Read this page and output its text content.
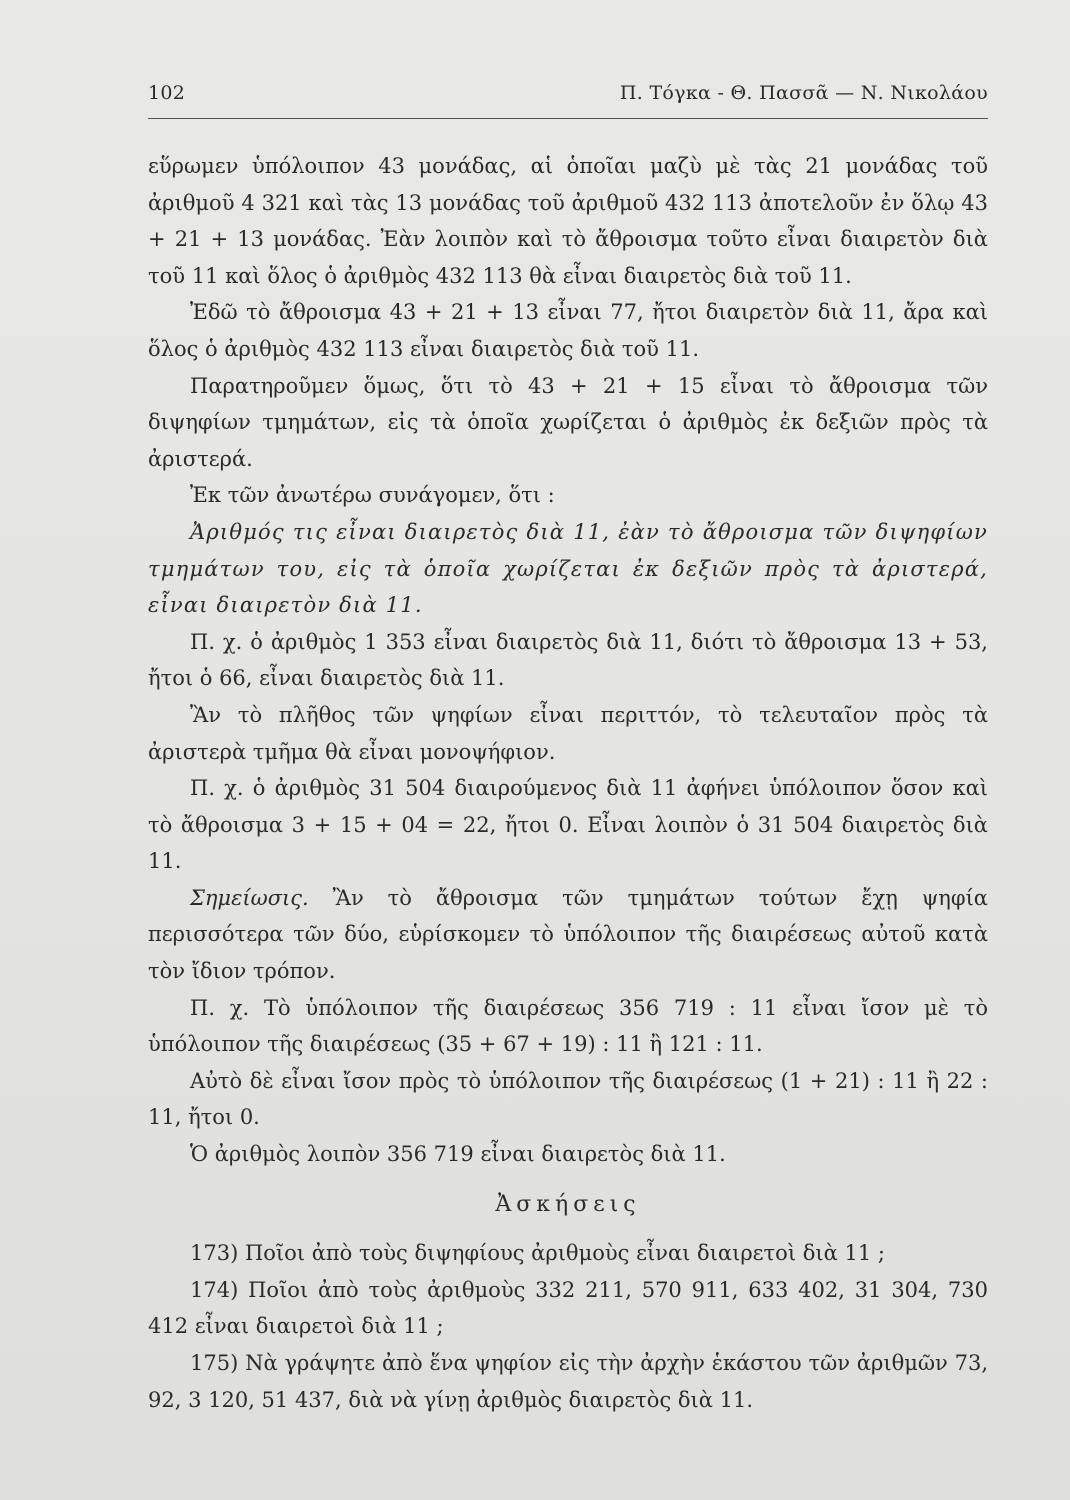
102	Π. Τόγκα - Θ. Πασσᾶ — Ν. Νικολάου

εὕρωμεν ὑπόλοιπον 43 μονάδας, αἱ ὁποῖαι μαζὺ μὲ τὰς 21 μονάδας τοῦ ἀριθμοῦ 4 321 καὶ τὰς 13 μονάδας τοῦ ἀριθμοῦ 432 113 ἀποτελοῦν ἐν ὅλῳ 43 + 21 + 13 μονάδας. Ἐὰν λοιπὸν καὶ τὸ ἄθροισμα τοῦτο εἶναι διαιρετὸν διὰ τοῦ 11 καὶ ὅλος ὁ ἀριθμὸς 432 113 θὰ εἶναι διαιρετὸς διὰ τοῦ 11.

Ἐδῶ τὸ ἄθροισμα 43 + 21 + 13 εἶναι 77, ἤτοι διαιρετὸν διὰ 11, ἄρα καὶ ὅλος ὁ ἀριθμὸς 432 113 εἶναι διαιρετὸς διὰ τοῦ 11.

Παρατηροῦμεν ὅμως, ὅτι τὸ 43 + 21 + 15 εἶναι τὸ ἄθροισμα τῶν διψηφίων τμημάτων, εἰς τὰ ὁποῖα χωρίζεται ὁ ἀριθμὸς ἐκ δεξιῶν πρὸς τὰ ἀριστερά.

Ἐκ τῶν ἀνωτέρω συνάγομεν, ὅτι :

Ἀριθμός τις εἶναι διαιρετὸς διὰ 11, ἐὰν τὸ ἄθροισμα τῶν διψηφίων τμημάτων του, εἰς τὰ ὁποῖα χωρίζεται ἐκ δεξιῶν πρὸς τὰ ἀριστερά, εἶναι διαιρετὸν διὰ 11.

Π. χ. ὁ ἀριθμὸς 1 353 εἶναι διαιρετὸς διὰ 11, διότι τὸ ἄθροισμα 13 + 53, ἤτοι ὁ 66, εἶναι διαιρετὸς διὰ 11.

Ἂν τὸ πλῆθος τῶν ψηφίων εἶναι περιττόν, τὸ τελευταῖον πρὸς τὰ ἀριστερὰ τμῆμα θὰ εἶναι μονοψήφιον.

Π. χ. ὁ ἀριθμὸς 31 504 διαιρούμενος διὰ 11 ἀφήνει ὑπόλοιπον ὅσον καὶ τὸ ἄθροισμα 3 + 15 + 04 = 22, ἤτοι 0. Εἶναι λοιπὸν ὁ 31 504 διαιρετὸς διὰ 11.

Σημείωσις. Ἂν τὸ ἄθροισμα τῶν τμημάτων τούτων ἔχῃ ψηφία περισσότερα τῶν δύο, εὑρίσκομεν τὸ ὑπόλοιπον τῆς διαιρέσεως αὐτοῦ κατὰ τὸν ἴδιον τρόπον.

Π. χ. Τὸ ὑπόλοιπον τῆς διαιρέσεως 356 719 : 11 εἶναι ἴσον μὲ τὸ ὑπόλοιπον τῆς διαιρέσεως (35 + 67 + 19) : 11 ἢ 121 : 11.

Αὐτὸ δὲ εἶναι ἴσον πρὸς τὸ ὑπόλοιπον τῆς διαιρέσεως (1 + 21) : 11 ἢ 22 : 11, ἤτοι 0.

Ὁ ἀριθμὸς λοιπὸν 356 719 εἶναι διαιρετὸς διὰ 11.

Ἀσκήσεις

173) Ποῖοι ἀπὸ τοὺς διψηφίους ἀριθμοὺς εἶναι διαιρετοὶ διὰ 11 ;

174) Ποῖοι ἀπὸ τοὺς ἀριθμοὺς 332 211, 570 911, 633 402, 31 304, 730 412 εἶναι διαιρετοὶ διὰ 11 ;

175) Νὰ γράψητε ἀπὸ ἕνα ψηφίον εἰς τὴν ἀρχὴν ἑκάστου τῶν ἀριθμῶν 73, 92, 3 120, 51 437, διὰ νὰ γίνῃ ἀριθμὸς διαιρετὸς διὰ 11.
